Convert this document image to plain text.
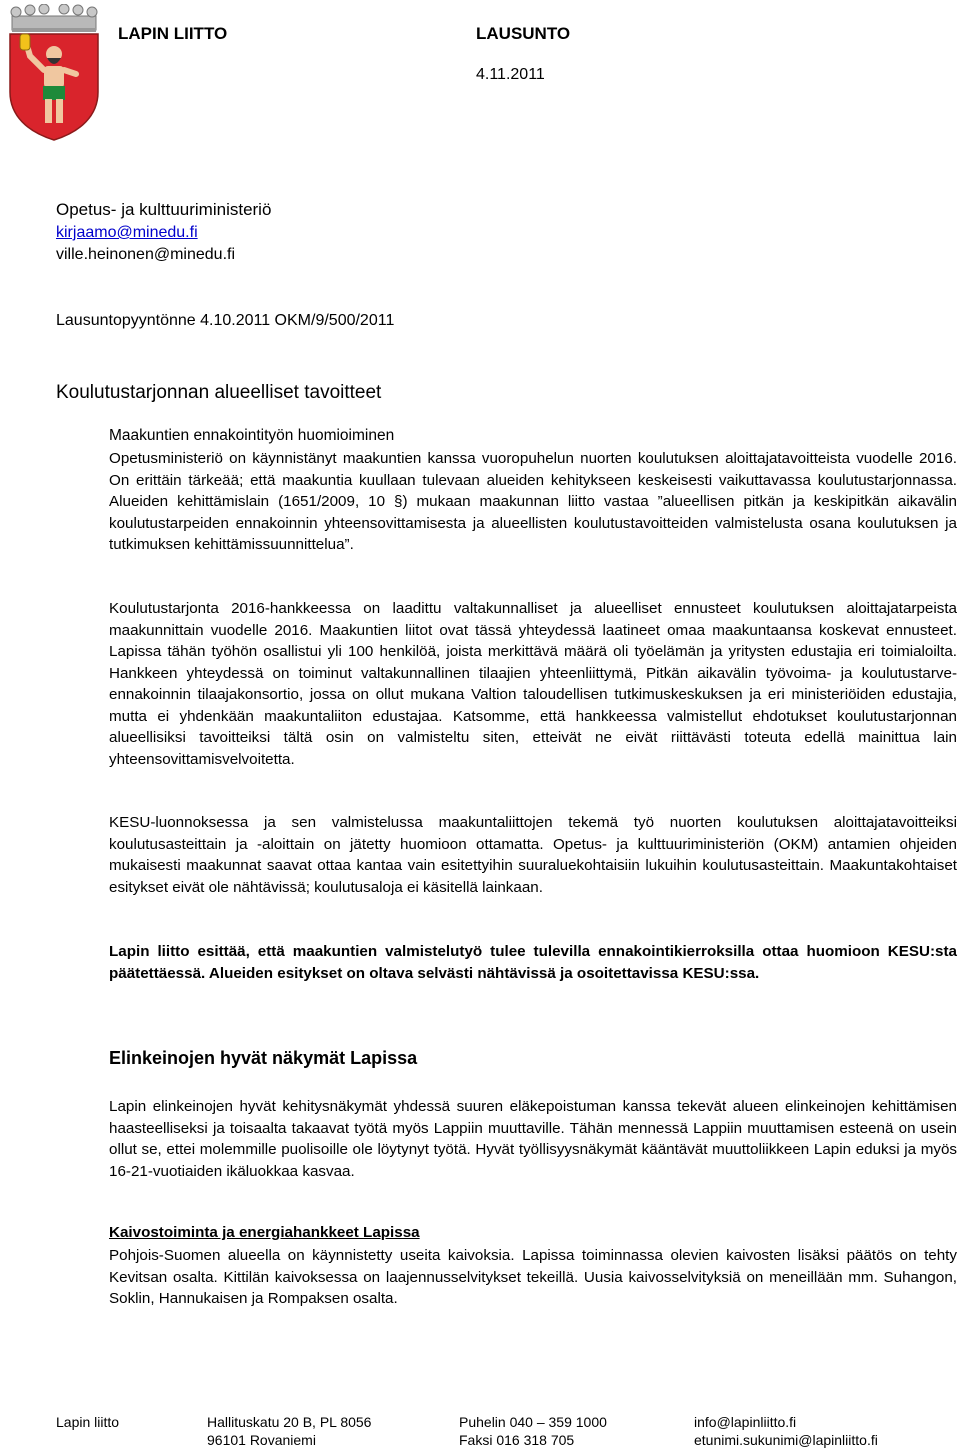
LAPIN LIITTO	LAUSUNTO
4.11.2011
Opetus- ja kulttuuriministeriö
kirjaamo@minedu.fi
ville.heinonen@minedu.fi
Lausuntopyyntönne 4.10.2011 OKM/9/500/2011
Koulutustarjonnan alueelliset tavoitteet
Maakuntien ennakointityön huomioiminen

Opetusministeriö on käynnistänyt maakuntien kanssa vuoropuhelun nuorten koulutuksen aloittajatavoitteista vuodelle 2016. On erittäin tärkeää; että maakuntia kuullaan tulevaan alueiden kehitykseen keskeisesti vaikuttavassa koulutustarjonnassa. Alueiden kehittämislain (1651/2009, 10 §) mukaan maakunnan liitto vastaa ”alueellisen pitkän ja keskipitkän aikavälin koulutustarpeiden ennakoinnin yhteensovittamisesta ja alueellisten koulutustavoitteiden valmistelusta osana koulutuksen ja tutkimuksen kehittämissuunnittelua”.

Koulutustarjonta 2016-hankkeessa on laadittu valtakunnalliset ja alueelliset ennusteet koulutuksen aloittajatarpeista maakunnittain vuodelle 2016. Maakuntien liitot ovat tässä yhteydessä laatineet omaa maakuntaansa koskevat ennusteet. Lapissa tähän työhön osallistui yli 100 henkilöä, joista merkittävä määrä oli työelämän ja yritysten edustajia eri toimialoilta. Hankkeen yhteydessä on toiminut valtakunnallinen tilaajien yhteenliittymä, Pitkän aikavälin työvoima- ja koulutustarve-ennakoinnin tilaajakonsortio, jossa on ollut mukana Valtion taloudellisen tutkimuskeskuksen ja eri ministeriöiden edustajia, mutta ei yhdenkään maakuntaliiton edustajaa. Katsomme, että hankkeessa valmistellut ehdotukset koulutustarjonnan alueellisiksi tavoitteiksi tältä osin on valmisteltu siten, etteivät ne eivät riittävästi toteuta edellä mainittua lain yhteensovittamisvelvoitetta.

KESU-luonnoksessa ja sen valmistelussa maakuntaliittojen tekemä työ nuorten koulutuksen aloittajatavoitteiksi koulutusasteittain ja -aloittain on jätetty huomioon ottamatta. Opetus- ja kulttuuriministeriön (OKM) antamien ohjeiden mukaisesti maakunnat saavat ottaa kantaa vain esitettyihin suuraluekohtaisiin lukuihin koulutusasteittain. Maakuntakohtaiset esitykset eivät ole nähtävissä; koulutusaloja ei käsitellä lainkaan.

Lapin liitto esittää, että maakuntien valmistelutyö tulee tulevilla ennakointikierroksilla ottaa huomioon KESU:sta päätettäessä. Alueiden esitykset on oltava selvästi nähtävissä ja osoitettavissa KESU:ssa.

Elinkeinojen hyvät näkymät Lapissa

Lapin elinkeinojen hyvät kehitysnäkymät yhdessä suuren eläkepoistuman kanssa tekevät alueen elinkeinojen kehittämisen haasteelliseksi ja toisaalta takaavat työtä myös Lappiin muuttaville. Tähän mennessä Lappiin muuttamisen esteenä on usein ollut se, ettei molemmille puolisoille ole löytynyt työtä. Hyvät työllisyysnäkymät kääntävät muuttoliikkeen Lapin eduksi ja myös 16-21-vuotiaiden ikäluokkaa kasvaa.

Kaivostoiminta ja energiahankkeet Lapissa

Pohjois-Suomen alueella on käynnistetty useita kaivoksia. Lapissa toiminnassa olevien kaivosten lisäksi päätös on tehty Kevitsan osalta. Kittilän kaivoksessa on laajennusselvitykset tekeillä. Uusia kaivosselvityksiä on meneillään mm. Suhangon, Soklin, Hannukaisen ja Rompaksen osalta.

Lapin liitto	Hallituskatu 20 B, PL 8056
96101 Rovaniemi
Puhelin 040 – 359 1000
Faksi 016 318 705
info@lapinliitto.fi
etunimi.sukunimi@lapinliitto.fi
